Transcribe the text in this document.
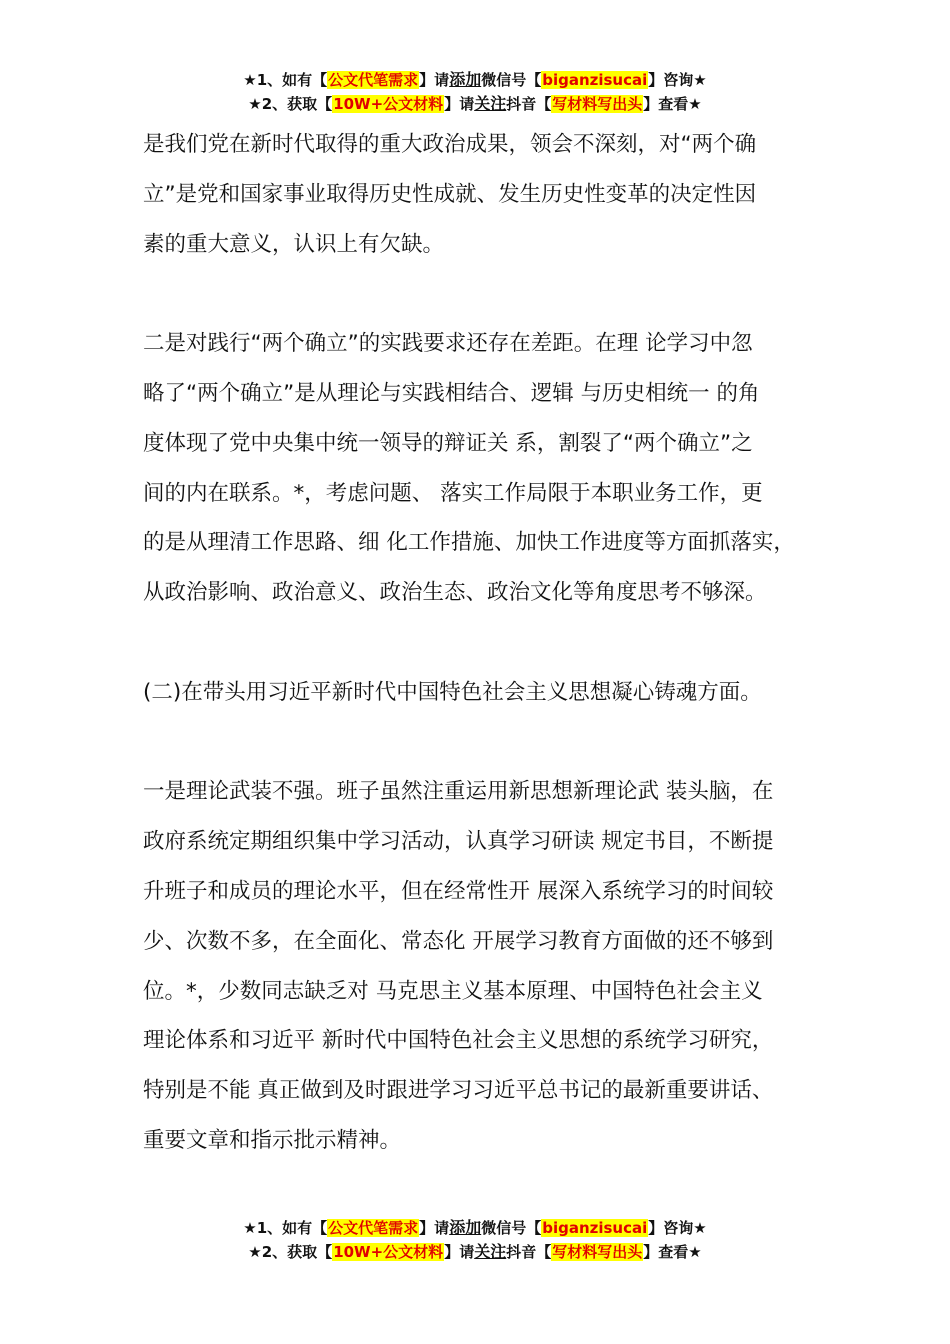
★1、如有【公文代笔需求】请添加微信号【biganzisucai】咨询★
★2、获取【10W+公文材料】请关注抖音【写材料写出头】查看★
是我们党在新时代取得的重大政治成果，领会不深刻，对“两个确
立”是党和国家事业取得历史性成就、发生历史性变革的决定性因
素的重大意义，认识上有欠缺。
二是对践行“两个确立”的实践要求还存在差距。在理 论学习中忽
略了“两个确立”是从理论与实践相结合、逻辑 与历史相统一 的角
度体现了党中央集中统一领导的辩证关 系，割裂了“两个确立”之
间的内在联系。*，考虑问题、 落实工作局限于本职业务工作，更
的是从理清工作思路、细 化工作措施、加快工作进度等方面抓落实，
从政治影响、政治意义、政治生态、政治文化等角度思考不够深。
(二)在带头用习近平新时代中国特色社会主义思想凝心铸魂方面。
一是理论武装不强。班子虽然注重运用新思想新理论武 装头脑，在
政府系统定期组织集中学习活动，认真学习研读 规定书目，不断提
升班子和成员的理论水平，但在经常性开 展深入系统学习的时间较
少、次数不多，在全面化、常态化 开展学习教育方面做的还不够到
位。*，少数同志缺乏对 马克思主义基本原理、中国特色社会主义
理论体系和习近平 新时代中国特色社会主义思想的系统学习研究，
特别是不能 真正做到及时跟进学习习近平总书记的最新重要讲话、
重要文章和指示批示精神。
★1、如有【公文代笔需求】请添加微信号【biganzisucai】咨询★
★2、获取【10W+公文材料】请关注抖音【写材料写出头】查看★
